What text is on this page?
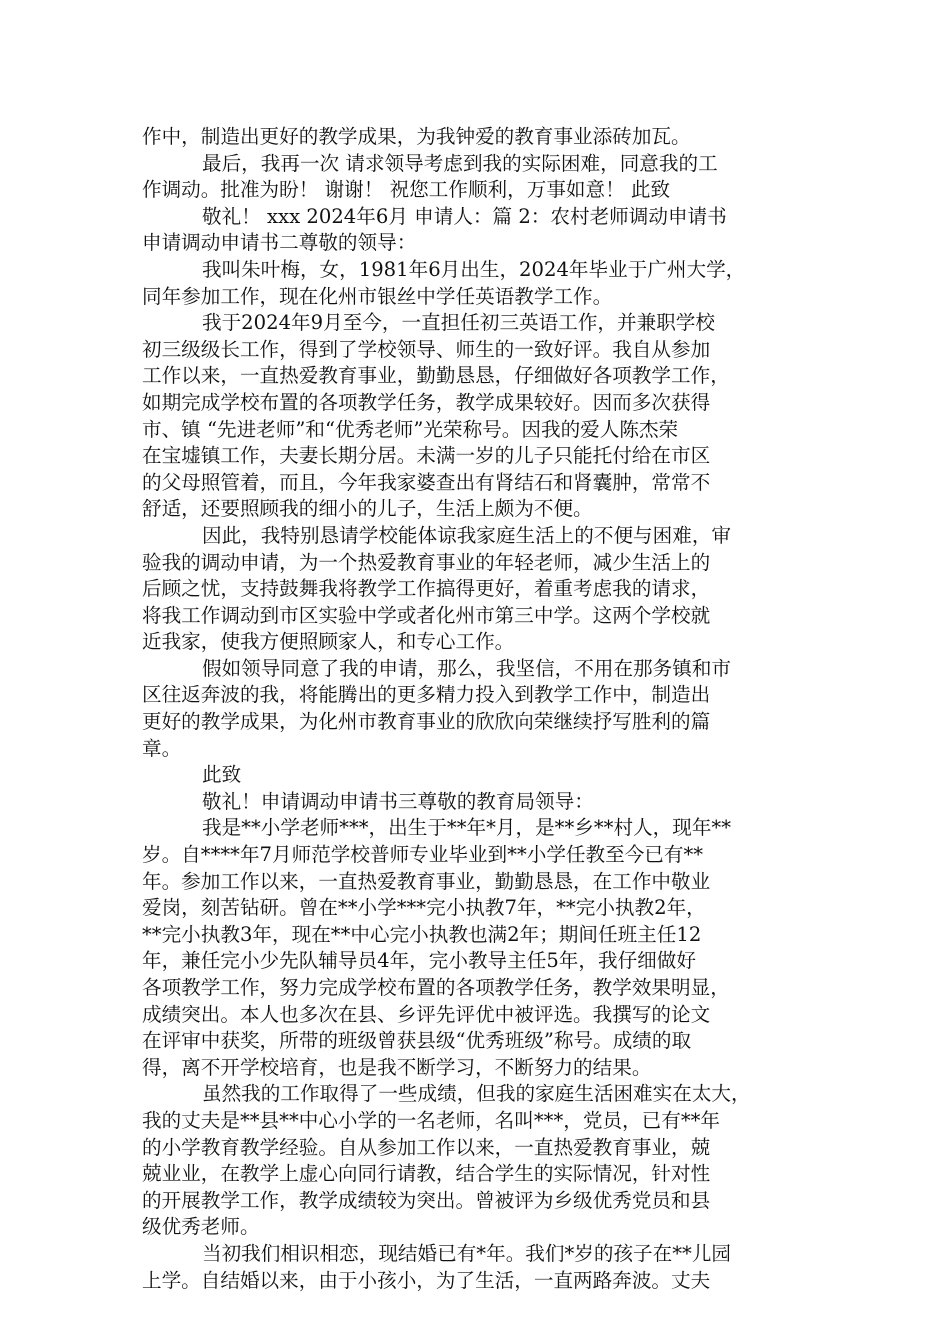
作中，制造出更好的教学成果，为我钟爱的教育事业添砖加瓦。
最后，我再一次 请求领导考虑到我的实际困难，同意我的工
作调动。批准为盼！ 谢谢！ 祝您工作顺利，万事如意！ 此致
敬礼！ xxx 2024年6月 申请人：篇 2：农村老师调动申请书
申请调动申请书二尊敬的领导：
我叫朱叶梅，女，1981年6月出生，2024年毕业于广州大学，
同年参加工作，现在化州市银丝中学任英语教学工作。
我于2024年9月至今，一直担任初三英语工作，并兼职学校
初三级级长工作，得到了学校领导、师生的一致好评。我自从参加
工作以来，一直热爱教育事业，勤勤恳恳，仔细做好各项教学工作，
如期完成学校布置的各项教学任务，教学成果较好。因而多次获得
市、镇 “先进老师”和“优秀老师”光荣称号。因我的爱人陈杰荣
在宝墟镇工作，夫妻长期分居。未满一岁的儿子只能托付给在市区
的父母照管着，而且，今年我家婆查出有肾结石和肾囊肿，常常不
舒适，还要照顾我的细小的儿子，生活上颇为不便。
因此，我特别恳请学校能体谅我家庭生活上的不便与困难，审
验我的调动申请，为一个热爱教育事业的年轻老师，减少生活上的
后顾之忧，支持鼓舞我将教学工作搞得更好，着重考虑我的请求，
将我工作调动到市区实验中学或者化州市第三中学。这两个学校就
近我家，使我方便照顾家人，和专心工作。
假如领导同意了我的申请，那么，我坚信，不用在那务镇和市
区往返奔波的我，将能腾出的更多精力投入到教学工作中，制造出
更好的教学成果，为化州市教育事业的欣欣向荣继续抒写胜利的篇
章。
此致
敬礼！申请调动申请书三尊敬的教育局领导：
我是**小学老师***，出生于**年*月，是**乡**村人，现年**
岁。自****年7月师范学校普师专业毕业到**小学任教至今已有**
年。参加工作以来，一直热爱教育事业，勤勤恳恳，在工作中敬业
爱岗，刻苦钻研。曾在**小学***完小执教7年，**完小执教2年，
**完小执教3年，现在**中心完小执教也满2年；期间任班主任12
年，兼任完小少先队辅导员4年，完小教导主任5年，我仔细做好
各项教学工作，努力完成学校布置的各项教学任务，教学效果明显，
成绩突出。本人也多次在县、乡评先评优中被评选。我撰写的论文
在评审中获奖，所带的班级曾获县级“优秀班级”称号。成绩的取
得，离不开学校培育，也是我不断学习，不断努力的结果。
虽然我的工作取得了一些成绩，但我的家庭生活困难实在太大，
我的丈夫是**县**中心小学的一名老师，名叫***，党员，已有**年
的小学教育教学经验。自从参加工作以来，一直热爱教育事业，兢
兢业业，在教学上虚心向同行请教，结合学生的实际情况，针对性
的开展教学工作，教学成绩较为突出。曾被评为乡级优秀党员和县
级优秀老师。
当初我们相识相恋，现结婚已有*年。我们*岁的孩子在**儿园
上学。自结婚以来，由于小孩小，为了生活，一直两路奔波。丈夫
